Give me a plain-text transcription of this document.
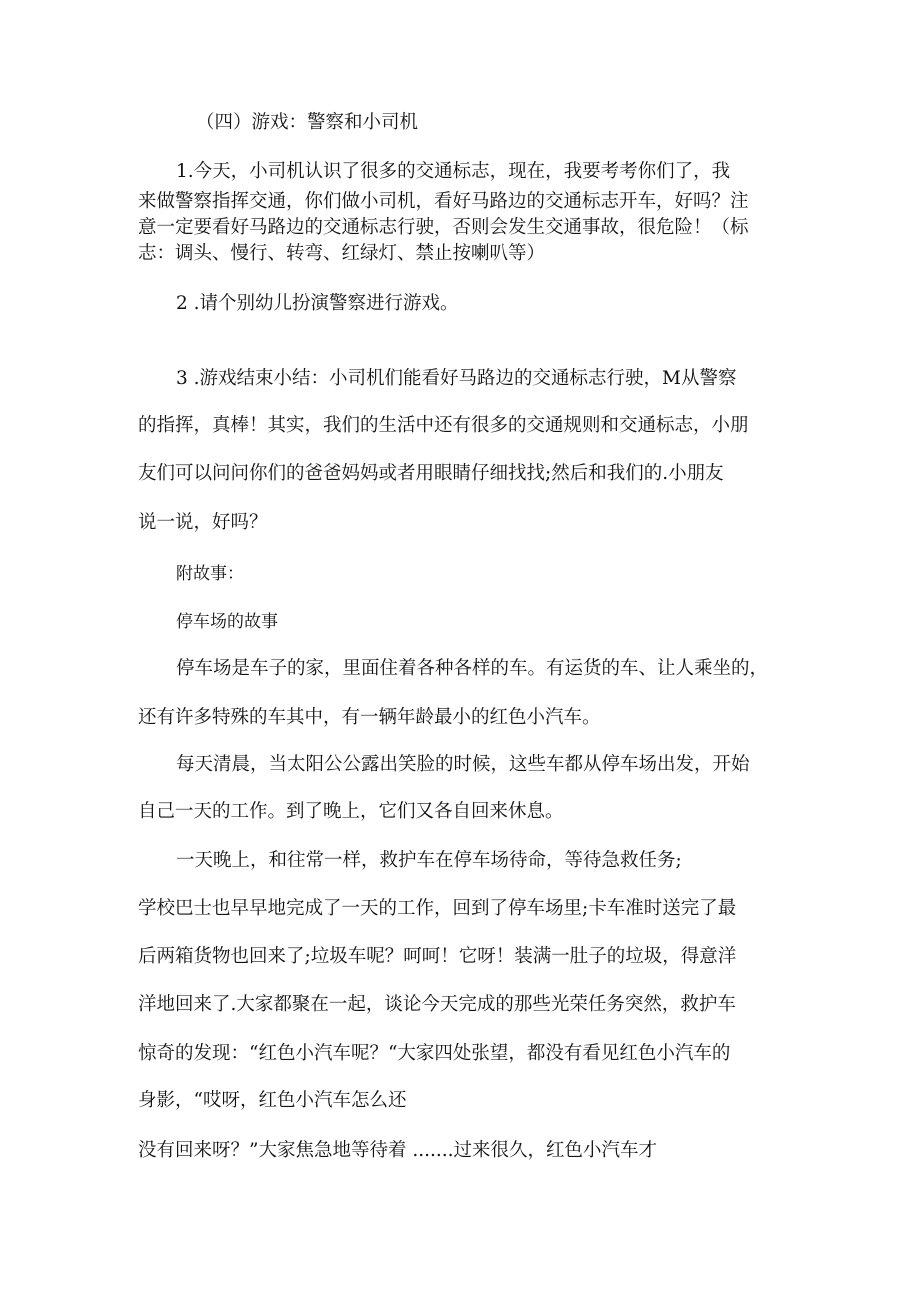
（四）游戏：警察和小司机
1.今天，小司机认识了很多的交通标志，现在，我要考考你们了，我
来做警察指挥交通，你们做小司机，看好马路边的交通标志开车，好吗？注
意一定要看好马路边的交通标志行驶，否则会发生交通事故，很危险！（标
志：调头、慢行、转弯、红绿灯、禁止按喇叭等）
2 .请个别幼儿扮演警察进行游戏。
3 .游戏结束小结：小司机们能看好马路边的交通标志行驶，M从警察
的指挥，真棒！其实，我们的生活中还有很多的交通规则和交通标志，小朋
友们可以问问你们的爸爸妈妈或者用眼睛仔细找找;然后和我们的.小朋友
说一说，好吗？
附故事：
停车场的故事
停车场是车子的家，里面住着各种各样的车。有运货的车、让人乘坐的，
还有许多特殊的车其中，有一辆年龄最小的红色小汽车。
每天清晨，当太阳公公露出笑脸的时候，这些车都从停车场出发，开始
自己一天的工作。到了晚上，它们又各自回来休息。
一天晚上，和往常一样，救护车在停车场待命，等待急救任务;
学校巴士也早早地完成了一天的工作，回到了停车场里;卡车准时送完了最
后两箱货物也回来了;垃圾车呢？呵呵！它呀！装满一肚子的垃圾，得意洋
洋地回来了.大家都聚在一起，谈论今天完成的那些光荣任务突然，救护车
惊奇的发现：“红色小汽车呢？“大家四处张望，都没有看见红色小汽车的
身影，“哎呀，红色小汽车怎么还
没有回来呀？”大家焦急地等待着 .......过来很久，红色小汽车才
